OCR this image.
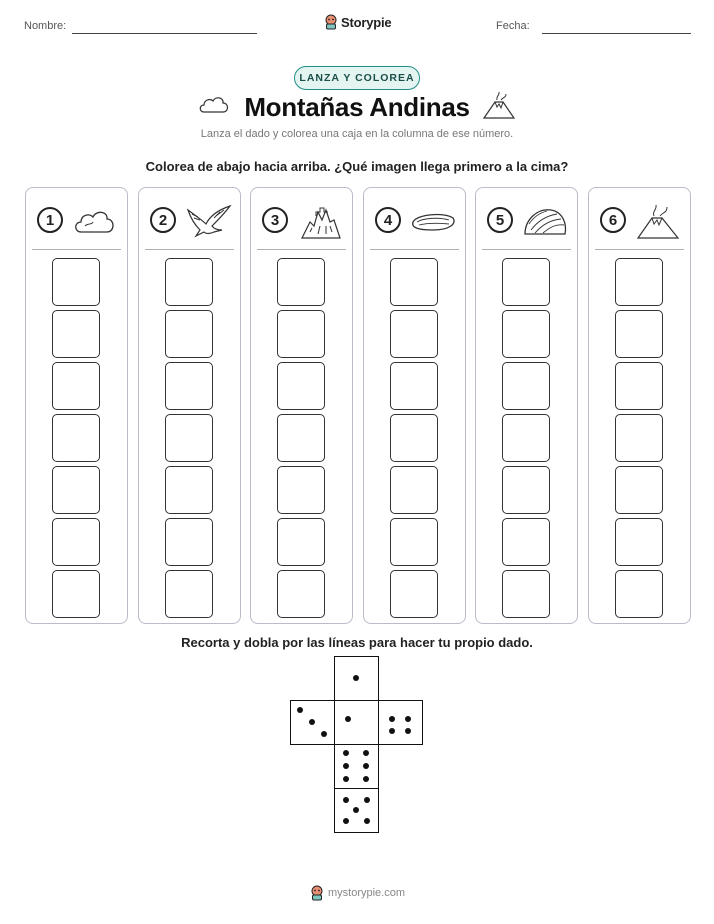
Nombre:	Storypie	Fecha:
LANZA Y COLOREA
Montañas Andinas
Lanza el dado y colorea una caja en la columna de ese número.
Colorea de abajo hacia arriba. ¿Qué imagen llega primero a la cima?
1	2	3	4	5	6
Recorta y dobla por las líneas para hacer tu propio dado.
mystorypie.com
